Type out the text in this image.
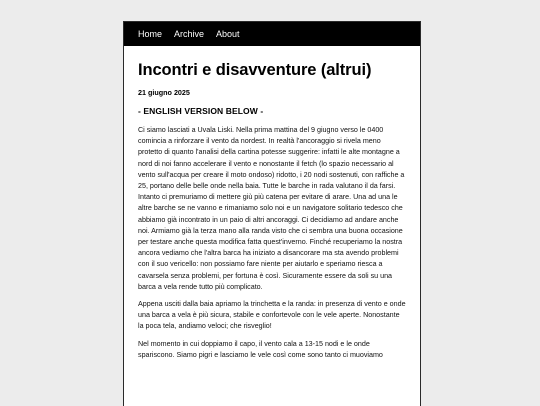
Home Archive About
Incontri e disavventure (altrui)
21 giugno 2025
- ENGLISH VERSION BELOW -

Ci siamo lasciati a Uvala Liski. Nella prima mattina del 9 giugno verso le 0400 comincia a rinforzare il vento da nordest. In realtà l'ancoraggio si rivela meno protetto di quanto l'analisi della cartina potesse suggerire: infatti le alte montagne a nord di noi fanno accelerare il vento e nonostante il fetch (lo spazio necessario al vento sull'acqua per creare il moto ondoso) ridotto, i 20 nodi sostenuti, con raffiche a 25, portano delle belle onde nella baia. Tutte le barche in rada valutano il da farsi. Intanto ci premuriamo di mettere giù più catena per evitare di arare. Una ad una le altre barche se ne vanno e rimaniamo solo noi e un navigatore solitario tedesco che abbiamo già incontrato in un paio di altri ancoraggi. Ci decidiamo ad andare anche noi. Armiamo già la terza mano alla randa visto che ci sembra una buona occasione per testare anche questa modifica fatta quest'inverno. Finché recuperiamo la nostra ancora vediamo che l'altra barca ha iniziato a disancorare ma sta avendo problemi con il suo vericello: non possiamo fare niente per aiutarlo e speriamo riesca a cavarsela senza problemi, per fortuna è così. Sicuramente essere da soli su una barca a vela rende tutto più complicato.

Appena usciti dalla baia apriamo la trinchetta e la randa: in presenza di vento e onde una barca a vela è più sicura, stabile e confortevole con le vele aperte. Nonostante la poca tela, andiamo veloci; che risveglio!

Nel momento in cui doppiamo il capo, il vento cala a 13-15 nodi e le onde spariscono. Siamo pigri e lasciamo le vele così come sono tanto ci muoviamo
